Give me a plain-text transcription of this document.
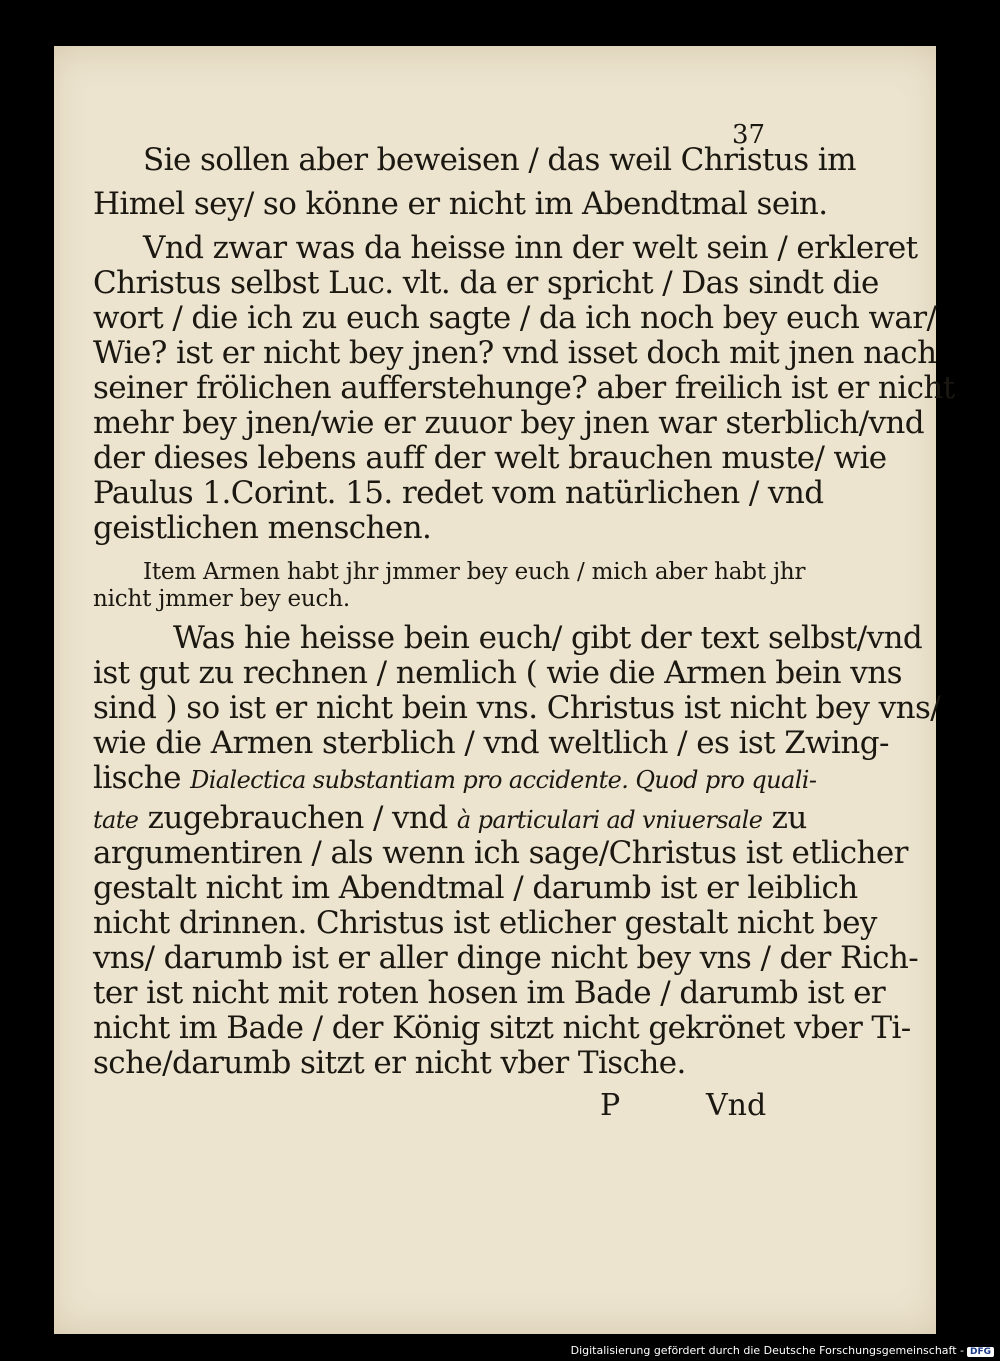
37
Sie sollen aber beweisen / das weil Christus im
Himel sey/ so könne er nicht im Abendtmal sein.
Vnd zwar was da heisse inn der welt sein / erkleret
Christus selbst Luc. vlt. da er spricht / Das sindt die
wort / die ich zu euch sagte / da ich noch bey euch war/
Wie? ist er nicht bey jnen? vnd isset doch mit jnen nach
seiner frölichen aufferstehunge? aber freilich ist er nicht
mehr bey jnen/wie er zuuor bey jnen war sterblich/vnd
der dieses lebens auff der welt brauchen muste/ wie
Paulus 1.Corint. 15. redet vom natürlichen / vnd
geistlichen menschen.
Item Armen habt jhr jmmer bey euch / mich aber habt jhr
nicht jmmer bey euch.
Was hie heisse bein euch/ gibt der text selbst/vnd
ist gut zu rechnen / nemlich ( wie die Armen bein vns
sind ) so ist er nicht bein vns. Christus ist nicht bey vns/
wie die Armen sterblich / vnd weltlich / es ist Zwing-
lische Dialectica substantiam pro accidente. Quod pro quali-
tate zugebrauchen / vnd à particulari ad vniuersale zu
argumentiren / als wenn ich sage/Christus ist etlicher
gestalt nicht im Abendtmal / darumb ist er leiblich
nicht drinnen. Christus ist etlicher gestalt nicht bey
vns/ darumb ist er aller dinge nicht bey vns / der Rich-
ter ist nicht mit roten hosen im Bade / darumb ist er
nicht im Bade / der König sitzt nicht gekrönet vber Ti-
sche/darumb sitzt er nicht vber Tische.
P	Vnd
Digitalisierung gefördert durch die Deutsche Forschungsgemeinschaft - DFG
